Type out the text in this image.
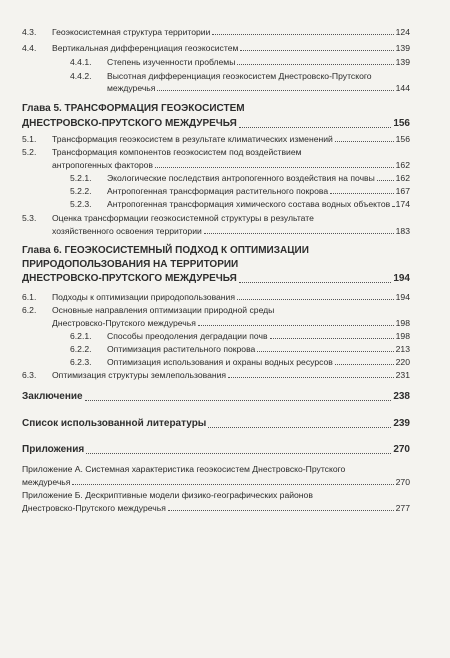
4.3. Геоэкосистемная структура территории	124
4.4. Вертикальная дифференциация геоэкосистем	139
4.4.1. Степень изученности проблемы	139
4.4.2. Высотная дифференциация геоэкосистем Днестровско-Прутского
междуречья	144
Глава 5. ТРАНСФОРМАЦИЯ ГЕОЭКОСИСТЕМ
ДНЕСТРОВСКО-ПРУТСКОГО МЕЖДУРЕЧЬЯ	156
5.1. Трансформация геоэкосистем в результате климатических изменений	156
5.2. Трансформация компонентов геоэкосистем под воздействием
антропогенных факторов	162
5.2.1. Экологические последствия антропогенного воздействия на почвы 162
5.2.2. Антропогенная трансформация растительного покрова	167
5.2.3. Антропогенная трансформация химического состава водных объектов 174
5.3. Оценка трансформации геоэкосистемной структуры в результате
хозяйственного освоения территории	183
Глава 6. ГЕОЭКОСИСТЕМНЫЙ ПОДХОД К ОПТИМИЗАЦИИ
ПРИРОДОПОЛЬЗОВАНИЯ НА ТЕРРИТОРИИ
ДНЕСТРОВСКО-ПРУТСКОГО МЕЖДУРЕЧЬЯ	194
6.1. Подходы к оптимизации природопользования	194
6.2. Основные направления оптимизации природной среды
Днестровско-Прутского междуречья	198
6.2.1. Способы преодоления деградации почв	198
6.2.2. Оптимизация растительного покрова	213
6.2.3. Оптимизация использования и охраны водных ресурсов	220
6.3. Оптимизация структуры землепользования	231
Заключение	238
Список использованной литературы	239
Приложения	270
Приложение А. Системная характеристика геоэкосистем Днестровско-Прутского
междуречья	270
Приложение Б. Дескриптивные модели физико-географических районов
Днестровско-Прутского междуречья	277
